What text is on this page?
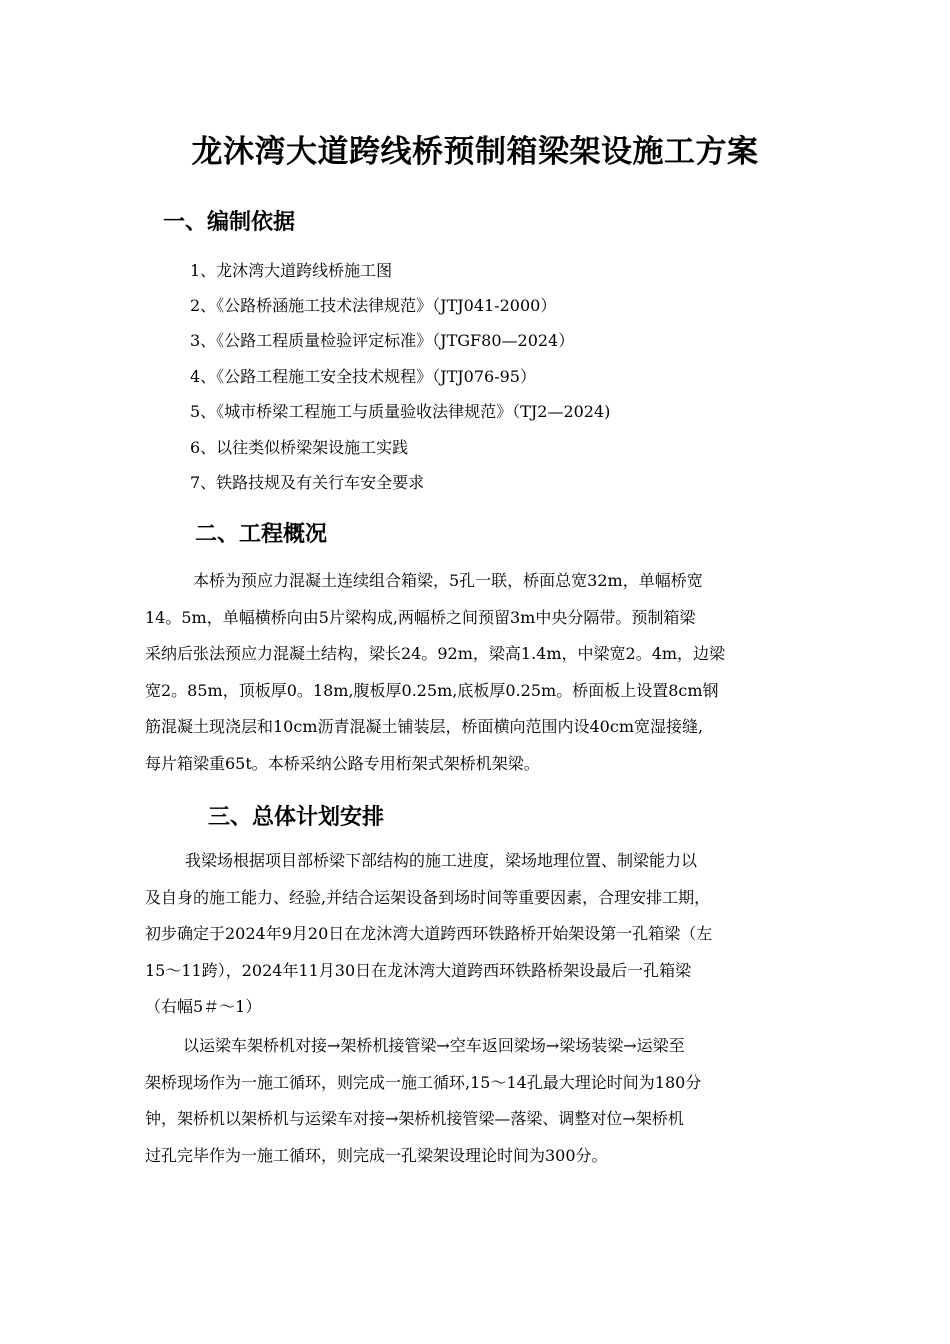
龙沐湾大道跨线桥预制箱梁架设施工方案
一、编制依据
1、龙沐湾大道跨线桥施工图
2、《公路桥涵施工技术法律规范》（JTJ041-2000）
3、《公路工程质量检验评定标准》（JTGF80—2024）
4、《公路工程施工安全技术规程》（JTJ076-95）
5、《城市桥梁工程施工与质量验收法律规范》（TJ2—2024)
6、以往类似桥梁架设施工实践
7、铁路技规及有关行车安全要求
二、工程概况
本桥为预应力混凝土连续组合箱梁，5孔一联，桥面总宽32m，单幅桥宽
14。5m，单幅横桥向由5片梁构成,两幅桥之间预留3m中央分隔带。预制箱梁
采纳后张法预应力混凝土结构，梁长24。92m，梁高1.4m，中梁宽2。4m，边梁
宽2。85m，顶板厚0。18m,腹板厚0.25m,底板厚0.25m。桥面板上设置8cm钢
筋混凝土现浇层和10cm沥青混凝土铺装层，桥面横向范围内设40cm宽湿接缝,
每片箱梁重65t。本桥采纳公路专用桁架式架桥机架梁。
三、总体计划安排
我梁场根据项目部桥梁下部结构的施工进度，梁场地理位置、制梁能力以
及自身的施工能力、经验,并结合运架设备到场时间等重要因素，合理安排工期，
初步确定于2024年9月20日在龙沐湾大道跨西环铁路桥开始架设第一孔箱梁（左
15～11跨），2024年11月30日在龙沐湾大道跨西环铁路桥架设最后一孔箱梁
（右幅5＃～1）
以运梁车架桥机对接→架桥机接管梁→空车返回梁场→梁场装梁→运梁至
架桥现场作为一施工循环，则完成一施工循环,15～14孔最大理论时间为180分
钟，架桥机以架桥机与运梁车对接→架桥机接管梁—落梁、调整对位→架桥机
过孔完毕作为一施工循环，则完成一孔梁架设理论时间为300分。
